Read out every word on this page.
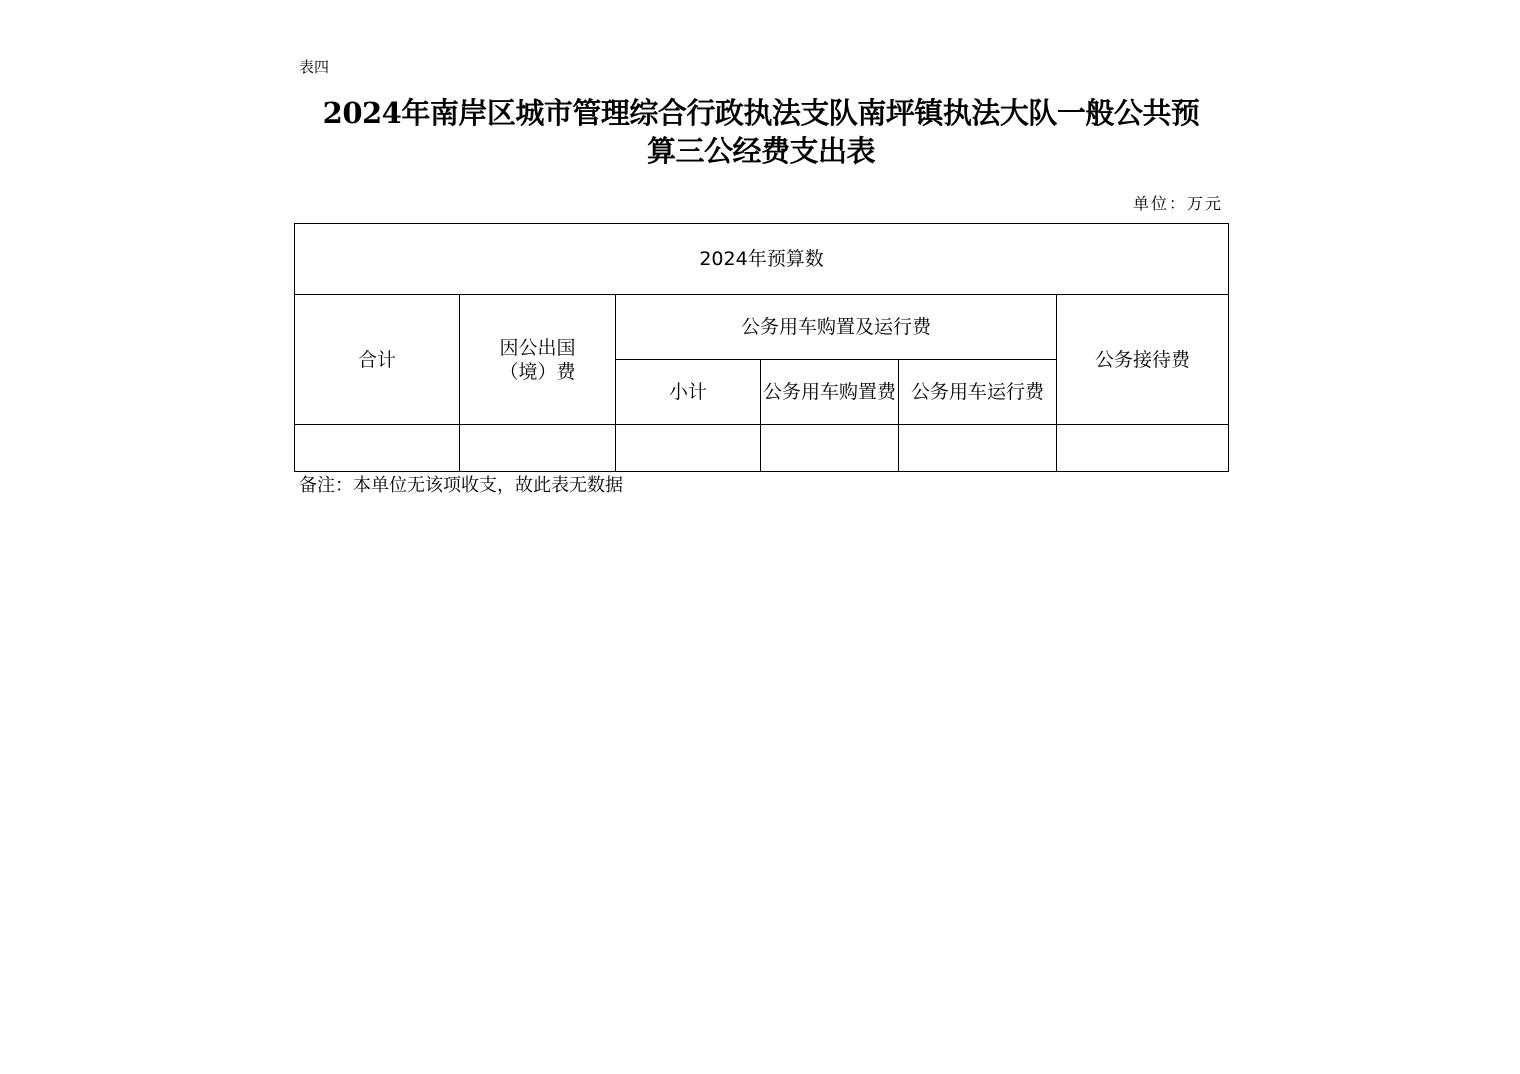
表四
2024年南岸区城市管理综合行政执法支队南坪镇执法大队一般公共预
算三公经费支出表
单位：万元
2024年预算数					
合计	因公出国（境）费	公务用车购置及运行费			公务接待费
		小计	公务用车购置费	公务用车运行费	

备注：本单位无该项收支，故此表无数据
